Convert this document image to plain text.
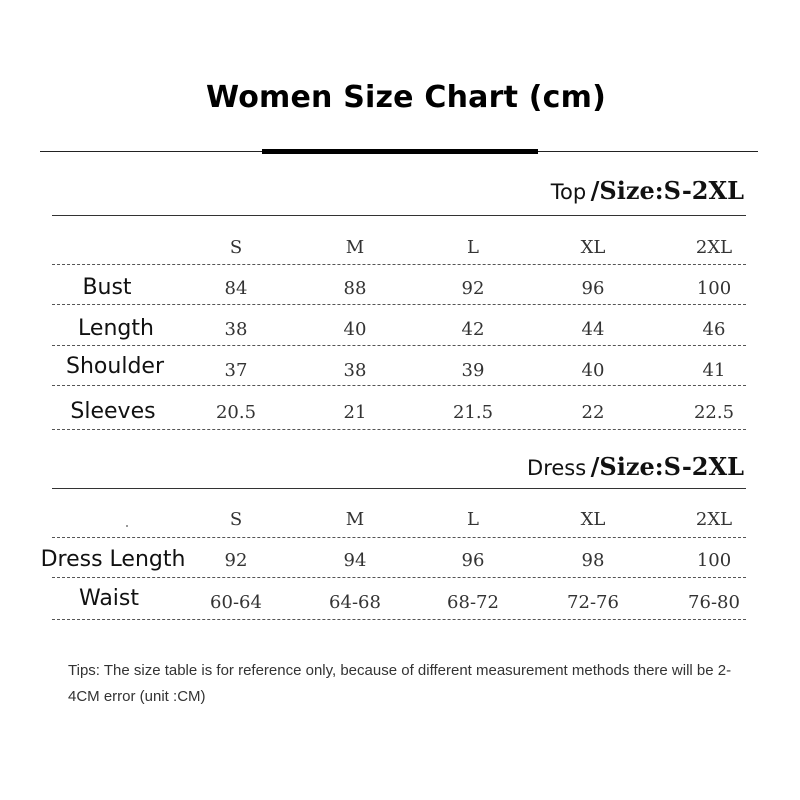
Women Size Chart (cm)
Top /Size:S-2XL
S	M	L	XL	2XL
Bust	84	88	92	96	100
Length	38	40	42	44	46
Shoulder	37	38	39	40	41
Sleeves	20.5	21	21.5	22	22.5
Dress /Size:S-2XL
S	M	L	XL	2XL
Dress Length	92	94	96	98	100
Waist	60-64	64-68	68-72	72-76	76-80
Tips: The size table is for reference only, because of different measurement methods there will be 2-4CM error (unit :CM)
